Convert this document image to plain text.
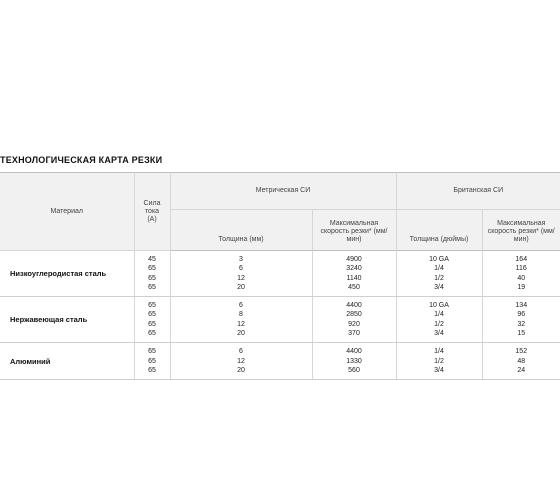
ТЕХНОЛОГИЧЕСКАЯ КАРТА РЕЗКИ
Материал	Сила
тока
(А)	Метрическая СИ		Британская СИ	
		Толщина (мм)	Максимальная
скорость резки* (мм/
мин)	Толщина (дюймы)	Максимальная
скорость резки* (мм/
мин)

Низкоуглеродистая сталь	45
65
65
65	3
6
12
20	4900
3240
1140
450	10 GA
1/4
1/2
3/4	164
116
40
19

Нержавеющая сталь	65
65
65
65	6
8
12
20	4400
2850
920
370	10 GA
1/4
1/2
3/4	134
96
32
15

Алюминий	65
65
65	6
12
20	4400
1330
560	1/4
1/2
3/4	152
48
24
